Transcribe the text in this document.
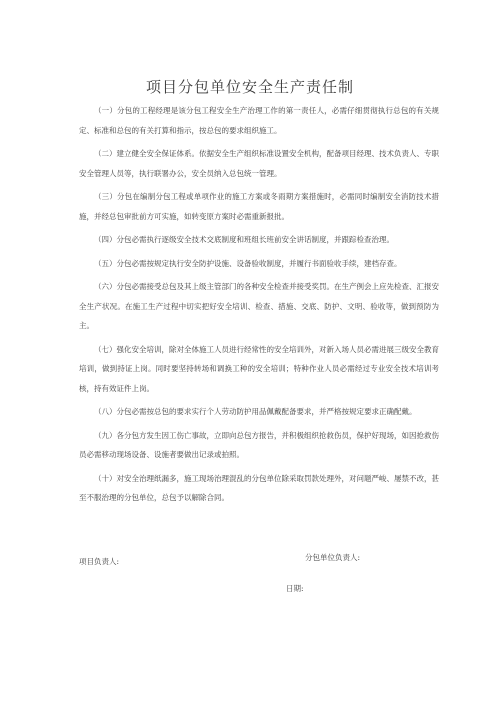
项目分包单位安全生产责任制

（一）分包的工程经理是该分包工程安全生产治理工作的第一责任人，必需仔细贯彻执行总包的有关规定、标准和总包的有关打算和指示，按总包的要求组织施工。

（二）建立健全安全保证体系。依据安全生产组织标准设置安全机构，配备项目经理、技术负责人、专职安全管理人员等，执行联署办公，安全员纳入总包统一管理。

（三）分包在编制分包工程或单项作业的施工方案或冬雨期方案措施时，必需同时编制安全消防技术措施，并经总包审批前方可实施，如转变原方案时必需重新报批。

（四）分包必需执行逐级安全技术交底制度和班组长班前安全讲话制度，并跟踪检查治理。

（五）分包必需按规定执行安全防护设施、设备验收制度，并履行书面验收手续，建档存查。

（六）分包必需接受总包及其上级主管部门的各种安全检查并接受奖罚。在生产例会上应先检查、汇报安全生产状况。在施工生产过程中切实把好安全培训、检查、措施、交底、防护、文明、验收等，做到预防为主。

（七）强化安全培训，除对全体施工人员进行经常性的安全培训外，对新入场人员必需进展三级安全教育培训，做到持证上岗。同时要坚持转场和调换工种的安全培训；特种作业人员必需经过专业安全技术培训考核，持有效证件上岗。

（八）分包必需按总包的要求实行个人劳动防护用品佩戴配备要求，并严格按规定要求正确配戴。

（九）各分包方发生因工伤亡事故，立即向总包方报告，并积极组织抢救伤员，保护好现场，如因抢救伤员必需移动现场设备、设施者要做出记录或拍照。

（十）对安全治理纸漏多，施工现场治理混乱的分包单位除采取罚款处理外，对问题严峻、屡禁不改，甚至不服治理的分包单位，总包予以解除合同。

项目负责人:	分包单位负责人:
日期:
